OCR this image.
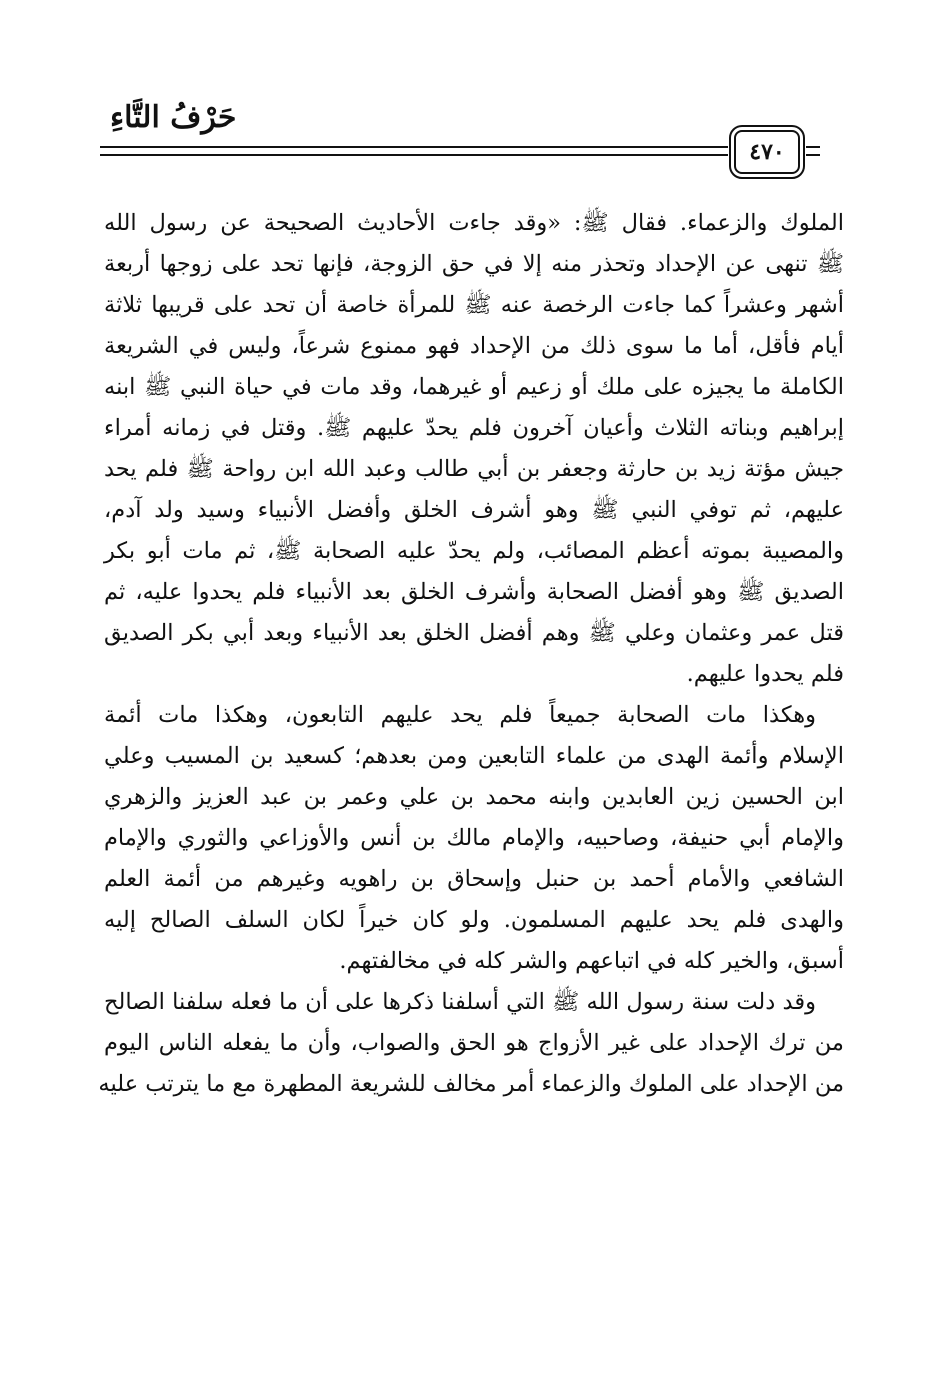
حَرْفُ التَّاءِ
٤٧٠

الملوك والزعماء. فقال ﷺ: «وقد جاءت الأحاديث الصحيحة عن رسول الله
ﷺ تنهى عن الإحداد وتحذر منه إلا في حق الزوجة، فإنها تحد على زوجها أربعة
أشهر وعشراً كما جاءت الرخصة عنه ﷺ للمرأة خاصة أن تحد على قريبها ثلاثة
أيام فأقل، أما ما سوى ذلك من الإحداد فهو ممنوع شرعاً، وليس في الشريعة
الكاملة ما يجيزه على ملك أو زعيم أو غيرهما، وقد مات في حياة النبي ﷺ ابنه
إبراهيم وبناته الثلاث وأعيان آخرون فلم يحدّ عليهم ﷺ. وقتل في زمانه أمراء
جيش مؤتة زيد بن حارثة وجعفر بن أبي طالب وعبد الله ابن رواحة ﷺ فلم يحد
عليهم، ثم توفي النبي ﷺ وهو أشرف الخلق وأفضل الأنبياء وسيد ولد آدم،
والمصيبة بموته أعظم المصائب، ولم يحدّ عليه الصحابة ﷺ، ثم مات أبو بكر
الصديق ﷺ وهو أفضل الصحابة وأشرف الخلق بعد الأنبياء فلم يحدوا عليه، ثم
قتل عمر وعثمان وعلي ﷺ وهم أفضل الخلق بعد الأنبياء وبعد أبي بكر الصديق
فلم يحدوا عليهم.

وهكذا مات الصحابة جميعاً فلم يحد عليهم التابعون، وهكذا مات أئمة
الإسلام وأئمة الهدى من علماء التابعين ومن بعدهم؛ كسعيد بن المسيب وعلي
ابن الحسين زين العابدين وابنه محمد بن علي وعمر بن عبد العزيز والزهري
والإمام أبي حنيفة، وصاحبيه، والإمام مالك بن أنس والأوزاعي والثوري والإمام
الشافعي والأمام أحمد بن حنبل وإسحاق بن راهويه وغيرهم من أئمة العلم
والهدى فلم يحد عليهم المسلمون. ولو كان خيراً لكان السلف الصالح إليه
أسبق، والخير كله في اتباعهم والشر كله في مخالفتهم.

وقد دلت سنة رسول الله ﷺ التي أسلفنا ذكرها على أن ما فعله سلفنا الصالح
من ترك الإحداد على غير الأزواج هو الحق والصواب، وأن ما يفعله الناس اليوم
من الإحداد على الملوك والزعماء أمر مخالف للشريعة المطهرة مع ما يترتب عليه
